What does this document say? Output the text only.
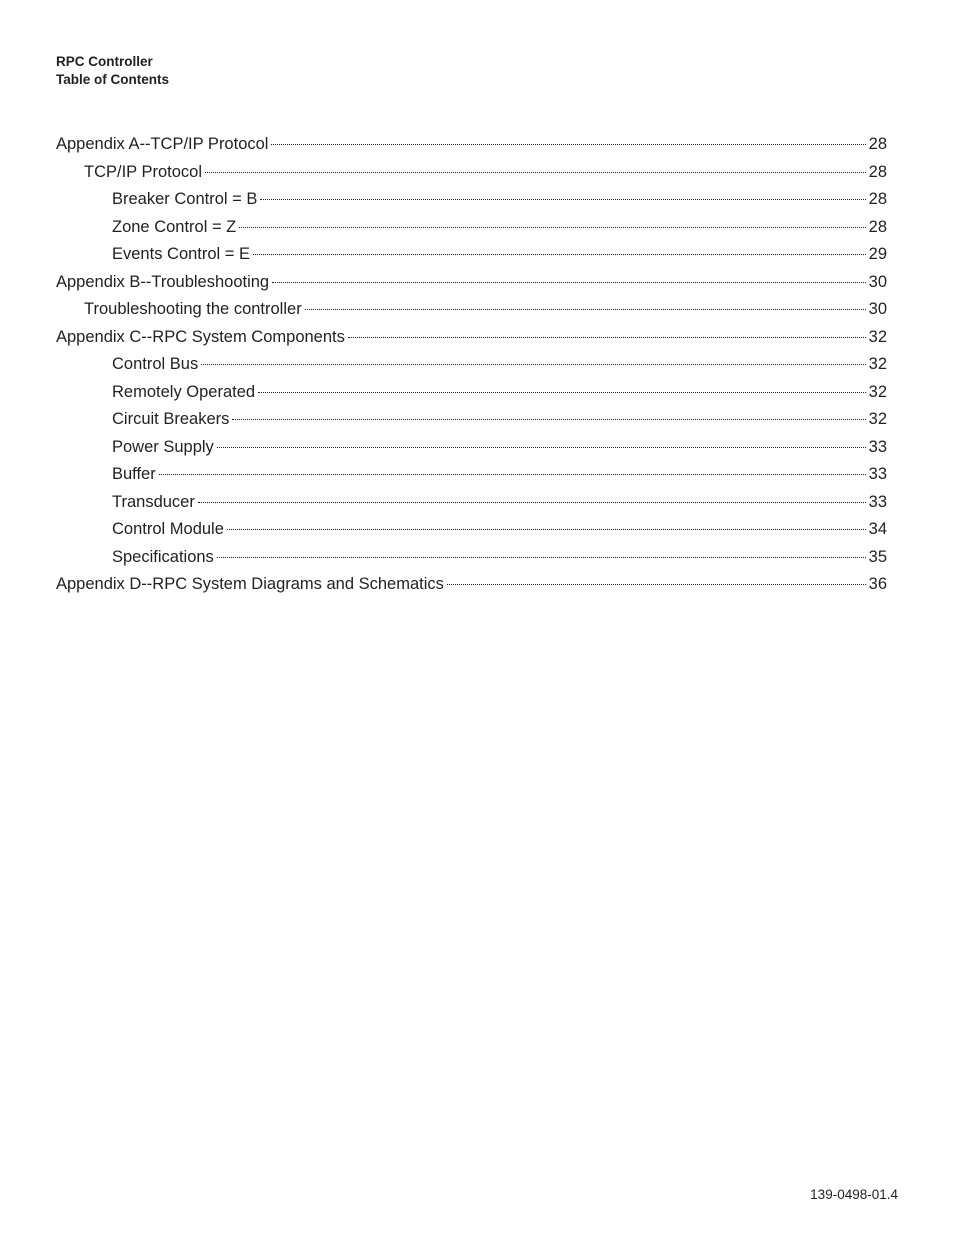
RPC Controller
Table of Contents
Appendix A--TCP/IP Protocol	28
TCP/IP Protocol	28
Breaker Control = B	28
Zone Control = Z	28
Events Control = E	29
Appendix B--Troubleshooting	30
Troubleshooting the controller	30
Appendix C--RPC System Components	32
Control Bus	32
Remotely Operated	32
Circuit Breakers	32
Power Supply	33
Buffer	33
Transducer	33
Control Module	34
Specifications	35
Appendix D--RPC System Diagrams and Schematics	36
139-0498-01.4
